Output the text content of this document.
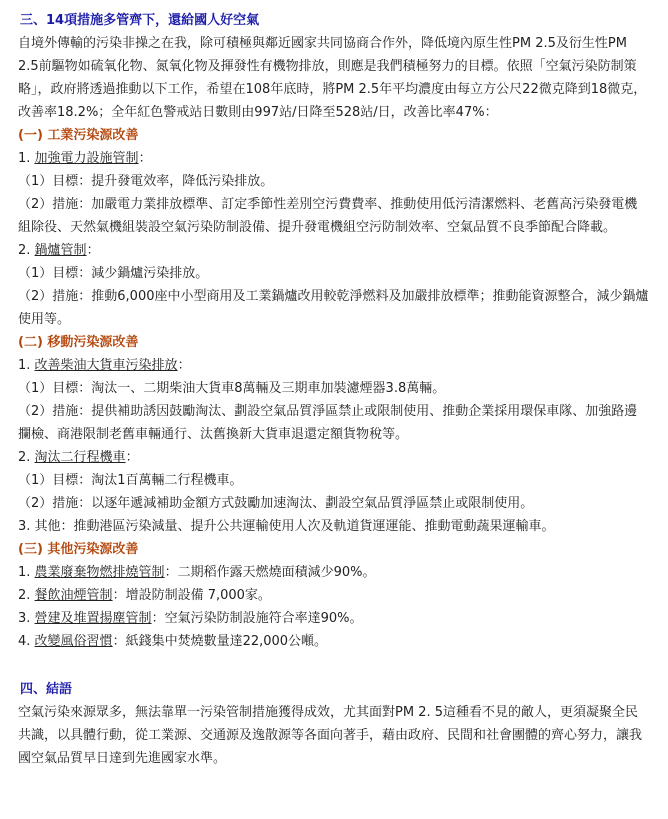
三、14項措施多管齊下，還給國人好空氣

自境外傳輸的污染非操之在我，除可積極與鄰近國家共同協商合作外，降低境內原生性PM 2.5及衍生性PM 2.5前驅物如硫氧化物、氮氧化物及揮發性有機物排放，則應是我們積極努力的目標。依照「空氣污染防制策略」，政府將透過推動以下工作，希望在108年底時，將PM 2.5年平均濃度由每立方公尺22微克降到18微克，改善率18.2%；全年紅色警戒站日數則由997站/日降至528站/日，改善比率47%：

(一) 工業污染源改善

1. 加強電力設施管制：

（1）目標：提升發電效率，降低污染排放。

（2）措施：加嚴電力業排放標準、訂定季節性差別空污費費率、推動使用低污清潔燃料、老舊高污染發電機組除役、天然氣機組裝設空氣污染防制設備、提升發電機組空污防制效率、空氣品質不良季節配合降載。

2. 鍋爐管制：

（1）目標：減少鍋爐污染排放。

（2）措施：推動6,000座中小型商用及工業鍋爐改用較乾淨燃料及加嚴排放標準；推動能資源整合，減少鍋爐使用等。

(二) 移動污染源改善

1. 改善柴油大貨車污染排放：

（1）目標：淘汰一、二期柴油大貨車8萬輛及三期車加裝濾煙器3.8萬輛。

（2）措施：提供補助誘因鼓勵淘汰、劃設空氣品質淨區禁止或限制使用、推動企業採用環保車隊、加強路邊攔檢、商港限制老舊車輛通行、汰舊換新大貨車退還定額貨物稅等。

2. 淘汰二行程機車：

（1）目標：淘汰1百萬輛二行程機車。

（2）措施：以逐年遞減補助金額方式鼓勵加速淘汰、劃設空氣品質淨區禁止或限制使用。

3. 其他：推動港區污染減量、提升公共運輸使用人次及軌道貨運運能、推動電動蔬果運輸車。

(三) 其他污染源改善

1. 農業廢棄物燃排燒管制：二期稻作露天燃燒面積減少90%。

2. 餐飲油煙管制：增設防制設備 7,000家。

3. 營建及堆置揚塵管制：空氣污染防制設施符合率達90%。

4. 改變風俗習慣：紙錢集中焚燒數量達22,000公噸。

四、結語

空氣污染來源眾多，無法靠單一污染管制措施獲得成效，尤其面對PM 2. 5這種看不見的敵人，更須凝聚全民共識，以具體行動，從工業源、交通源及逸散源等各面向著手，藉由政府、民間和社會團體的齊心努力，讓我國空氣品質早日達到先進國家水準。
